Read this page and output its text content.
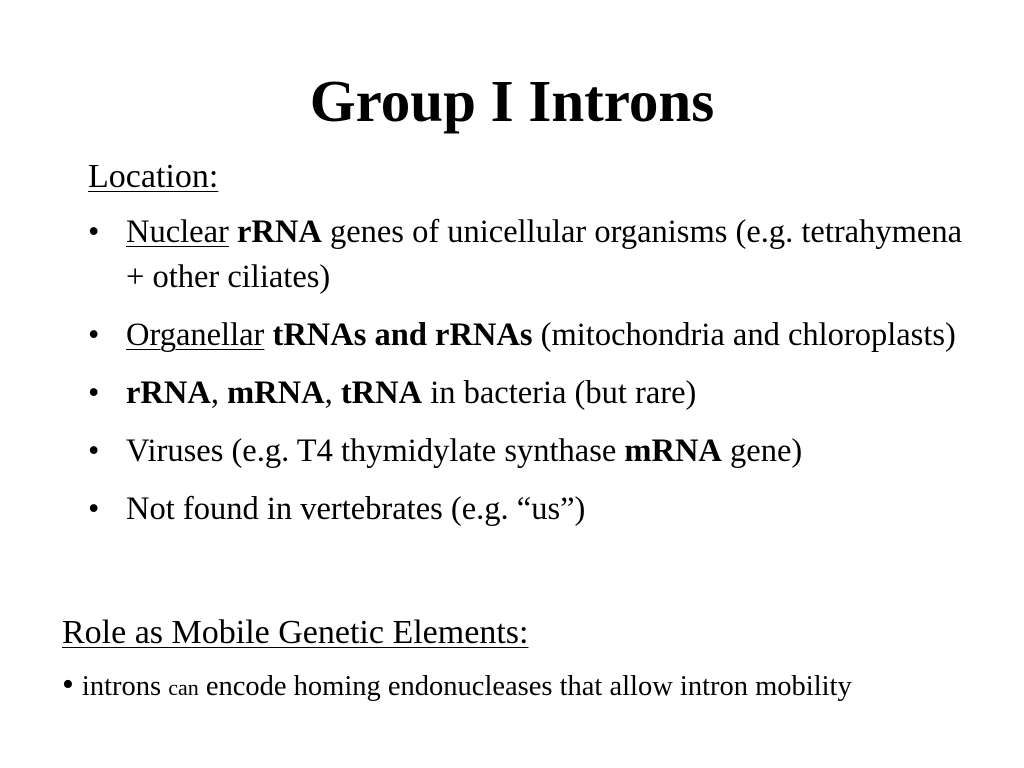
Group I Introns

Location:

• Nuclear rRNA genes of unicellular organisms (e.g. tetrahymena + other ciliates)
• Organellar tRNAs and rRNAs (mitochondria and chloroplasts)
• rRNA, mRNA, tRNA in bacteria (but rare)
• Viruses (e.g. T4 thymidylate synthase mRNA gene)
• Not found in vertebrates (e.g. “us”)

Role as Mobile Genetic Elements:

• introns can encode homing endonucleases that allow intron mobility
